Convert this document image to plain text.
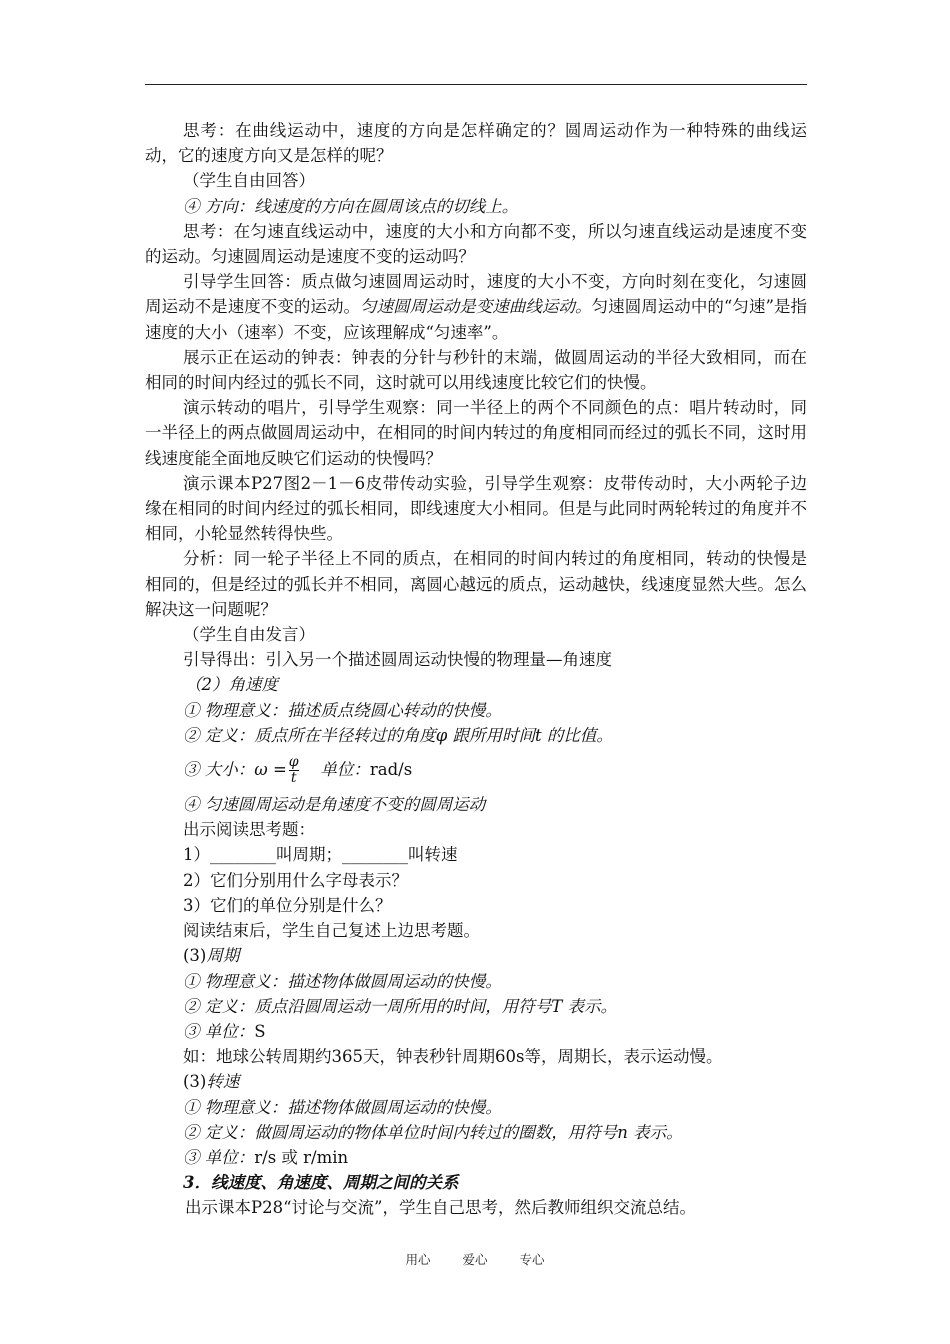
思考：在曲线运动中，速度的方向是怎样确定的？圆周运动作为一种特殊的曲线运动，它的速度方向又是怎样的呢？

（学生自由回答）

④ 方向：线速度的方向在圆周该点的切线上。

思考：在匀速直线运动中，速度的大小和方向都不变，所以匀速直线运动是速度不变的运动。匀速圆周运动是速度不变的运动吗？

引导学生回答：质点做匀速圆周运动时，速度的大小不变，方向时刻在变化，匀速圆周运动不是速度不变的运动。匀速圆周运动是变速曲线运动。匀速圆周运动中的“匀速”是指速度的大小（速率）不变，应该理解成“匀速率”。

展示正在运动的钟表：钟表的分针与秒针的末端，做圆周运动的半径大致相同，而在相同的时间内经过的弧长不同，这时就可以用线速度比较它们的快慢。

演示转动的唱片，引导学生观察：同一半径上的两个不同颜色的点：唱片转动时，同一半径上的两点做圆周运动中，在相同的时间内转过的角度相同而经过的弧长不同，这时用线速度能全面地反映它们运动的快慢吗？

演示课本P27图2－1－6皮带传动实验，引导学生观察：皮带传动时，大小两轮子边缘在相同的时间内经过的弧长相同，即线速度大小相同。但是与此同时两轮转过的角度并不相同，小轮显然转得快些。

分析：同一轮子半径上不同的质点，在相同的时间内转过的角度相同，转动的快慢是相同的，但是经过的弧长并不相同，离圆心越远的质点，运动越快，线速度显然大些。怎么解决这一问题呢？

（学生自由发言）

引导得出：引入另一个描述圆周运动快慢的物理量—角速度

（2）角速度

① 物理意义：描述质点绕圆心转动的快慢。

② 定义：质点所在半径转过的角度φ 跟所用时间t 的比值。

③ 大小：$\omega = \frac{\varphi}{t}$ 单位：rad/s

④ 匀速圆周运动是角速度不变的圆周运动

出示阅读思考题：

1）________叫周期；________叫转速

2）它们分别用什么字母表示？

3）它们的单位分别是什么？

阅读结束后，学生自己复述上边思考题。

(3)周期

① 物理意义：描述物体做圆周运动的快慢。

② 定义：质点沿圆周运动一周所用的时间，用符号T 表示。

③ 单位：S

如：地球公转周期约365天，钟表秒针周期60s等，周期长，表示运动慢。

(3)转速

① 物理意义：描述物体做圆周运动的快慢。

② 定义：做圆周运动的物体单位时间内转过的圈数，用符号n 表示。

③ 单位：r/s 或 r/min

3．线速度、角速度、周期之间的关系

出示课本P28“讨论与交流”，学生自己思考，然后教师组织交流总结。

用心 爱心 专心
